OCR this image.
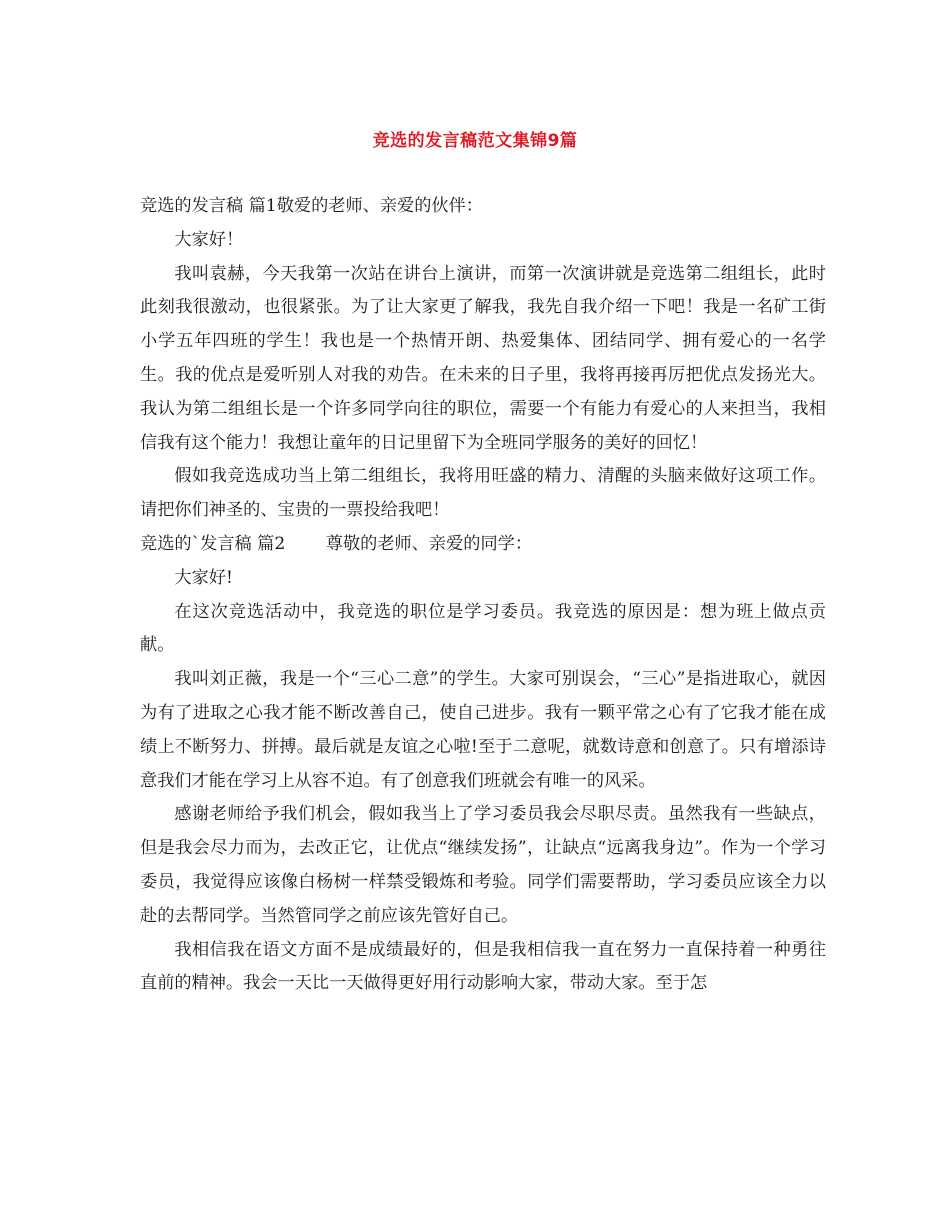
竞选的发言稿范文集锦9篇

竞选的发言稿 篇1敬爱的老师、亲爱的伙伴：

大家好！

我叫袁赫，今天我第一次站在讲台上演讲，而第一次演讲就是竞选第二组组长，此时此刻我很激动，也很紧张。为了让大家更了解我，我先自我介绍一下吧！我是一名矿工街小学五年四班的学生！我也是一个热情开朗、热爱集体、团结同学、拥有爱心的一名学生。我的优点是爱听别人对我的劝告。在未来的日子里，我将再接再厉把优点发扬光大。我认为第二组组长是一个许多同学向往的职位，需要一个有能力有爱心的人来担当，我相信我有这个能力！我想让童年的日记里留下为全班同学服务的美好的回忆！

假如我竞选成功当上第二组组长，我将用旺盛的精力、清醒的头脑来做好这项工作。请把你们神圣的、宝贵的一票投给我吧！

竞选的`发言稿 篇2	尊敬的老师、亲爱的同学：

大家好!

在这次竞选活动中，我竞选的职位是学习委员。我竞选的原因是：想为班上做点贡献。

我叫刘正薇，我是一个“三心二意”的学生。大家可别误会，“三心”是指进取心，就因为有了进取之心我才能不断改善自己，使自己进步。我有一颗平常之心有了它我才能在成绩上不断努力、拼搏。最后就是友谊之心啦!至于二意呢，就数诗意和创意了。只有增添诗意我们才能在学习上从容不迫。有了创意我们班就会有唯一的风采。

感谢老师给予我们机会，假如我当上了学习委员我会尽职尽责。虽然我有一些缺点，但是我会尽力而为，去改正它，让优点“继续发扬”，让缺点“远离我身边”。作为一个学习委员，我觉得应该像白杨树一样禁受锻炼和考验。同学们需要帮助，学习委员应该全力以赴的去帮同学。当然管同学之前应该先管好自己。

我相信我在语文方面不是成绩最好的，但是我相信我一直在努力一直保持着一种勇往直前的精神。我会一天比一天做得更好用行动影响大家，带动大家。至于怎
